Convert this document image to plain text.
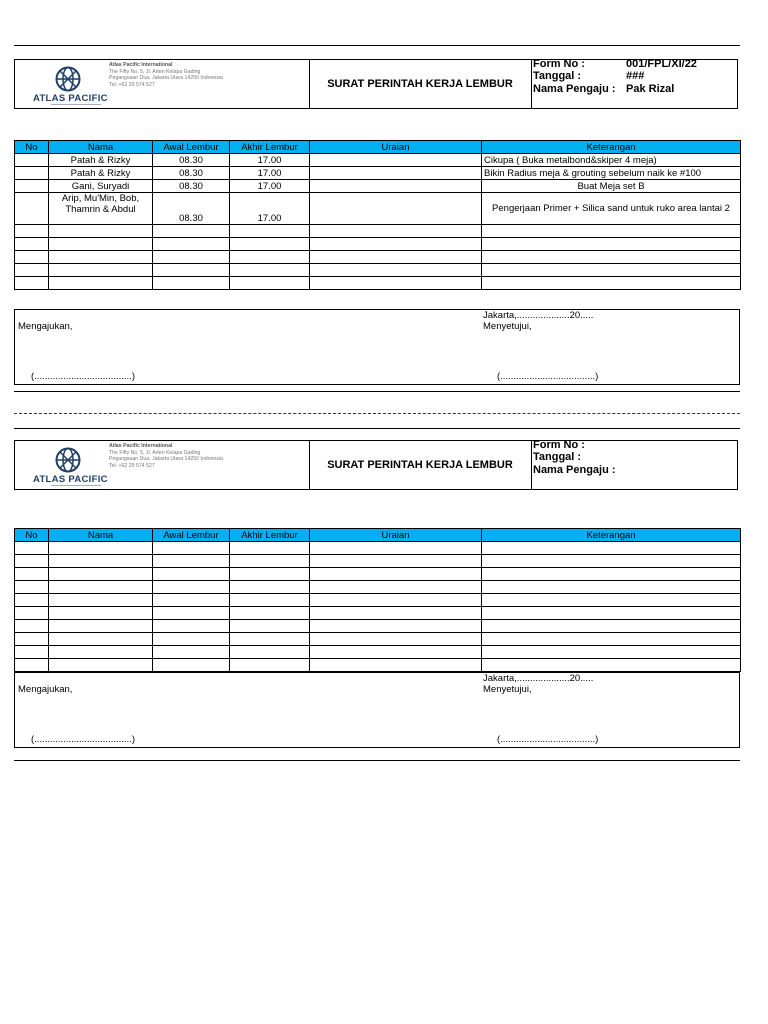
ATLAS PACIFIC
Atlas Pacific International
The Fifty No. 5, Jl. Arteri Kelapa Gading
Pegangsaan Dua, Jakarta Utara 14250 Indonesia
Tel: +62 29 574 527	SURAT PERINTAH KERJA LEMBUR
Form No :	001/FPL/XI/22
Tanggal :	###
Nama Pengaju : Pak Rizal
No	Nama	Awal Lembur	Akhir Lembur	Uraian	Keterangan
	Patah & Rizky	08.30	17.00		Cikupa ( Buka metalbond&skiper 4 meja)
	Patah & Rizky	08.30	17.00		Bikin Radius meja & grouting sebelum naik ke #100
	Gani, Suryadi	08.30	17.00		Buat Meja set B

	Arip, Mu'Min, Bob, Thamrin & Abdul	08.30	17.00		Pengerjaan Primer + Silica sand untuk ruko area lantai 2

Jakarta,....................20.....
Mengajukan,	Menyetujui,
(.....................................)	(....................................)
ATLAS PACIFIC
Atlas Pacific International
The Fifty No. 5, Jl. Arteri Kelapa Gading
Pegangsaan Dua, Jakarta Utara 14250 Indonesia
Tel: +62 29 574 527	SURAT PERINTAH KERJA LEMBUR
Form No :
Tanggal :
Nama Pengaju :
No	Nama	Awal Lembur	Akhir Lembur	Uraian	Keterangan

Jakarta,....................20.....
Mengajukan,	Menyetujui,
(.....................................)	(....................................)
